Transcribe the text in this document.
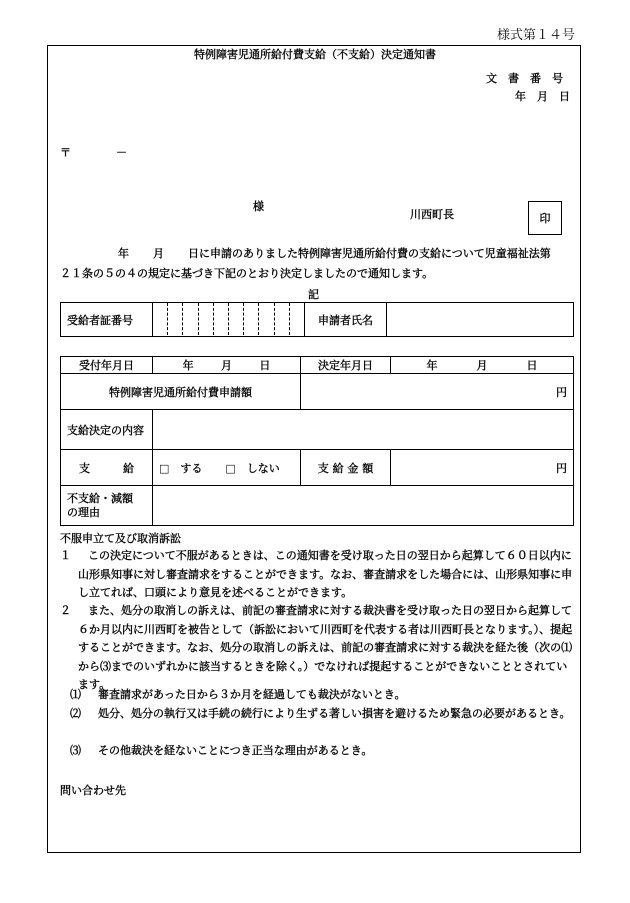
様式第１４号
特例障害児通所給付費支給（不支給）決定通知書
文　書　番　号
年　月　日
〒	－
様
川西町長	印
年 月 日に申請のありました特例障害児通所給付費の支給について児童福祉法第
２１条の５の４の規定に基づき下記のとおり決定しましたので通知します。
記
受給者証番号		申請者氏名	
受付年月日	年 月 日	決定年月日	年 月 日

特例障害児通所給付費申請額		円	
支給決定の内容			
支　　　給	□　する □　しない	支 給 金 額	円

不支給・減額
の理由			

不服申立て及び取消訴訟
１	この決定について不服があるときは、この通知書を受け取った日の翌日から起算して６０日以内に山形県知事に対し審査請求をすることができます。なお、審査請求をした場合には、山形県知事に申し立てれば、口頭により意見を述べることができます。
２	また、処分の取消しの訴えは、前記の審査請求に対する裁決書を受け取った日の翌日から起算して６か月以内に川西町を被告として（訴訟において川西町を代表する者は川西町長となります。）、提起することができます。なお、処分の取消しの訴えは、前記の審査請求に対する裁決を経た後（次の⑴から⑶までのいずれかに該当するときを除く。）でなければ提起することができないこととされています。
⑴	審査請求があった日から３か月を経過しても裁決がないとき。
⑵	処分、処分の執行又は手続の続行により生ずる著しい損害を避けるため緊急の必要があるとき。
⑶	その他裁決を経ないことにつき正当な理由があるとき。
問い合わせ先
